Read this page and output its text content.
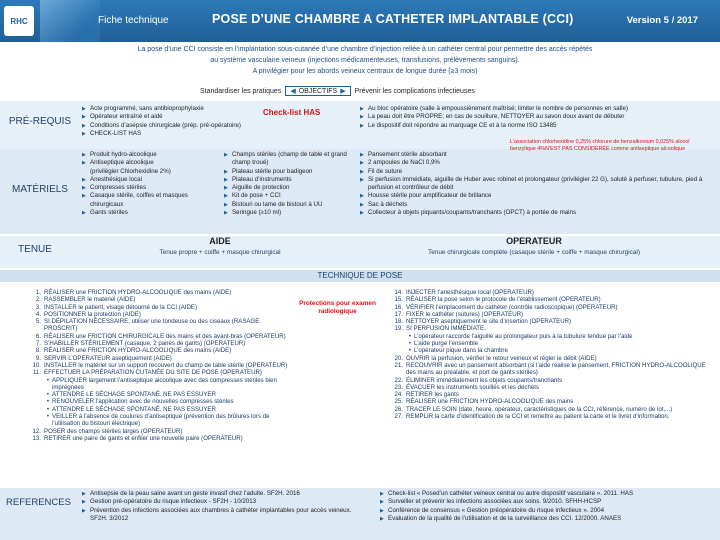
RHC	Fiche technique	POSE D’UNE CHAMBRE A CATHETER IMPLANTABLE (CCI)	Version 5 / 2017
La pose d’une CCI consiste en l’implantation sous-cutanée d’une chambre d’injection reliée à un cathéter central pour permettre des accès répétés
au système vasculaire veineux (injections médicamenteuses, transfusions, prélèvements sanguins).
A privilégier pour les abords veineux centraux de longue durée (≥3 mois)
Standardiser les pratiques ◀ OBJECTIFS ▶ Prévenir les complications infectieuses
PRÉ-REQUIS
▶ Acte programmé, sans antibioprophylaxie
▶ Opérateur entraîné et aidé
▶ Conditions d’asepsie chirurgicale (prép. pré-opératoire)
▶ CHECK-LIST HAS
Check-list HAS
▶	Au bloc opératoire (salle à empoussièrement maîtrisé; limiter le nombre de personnes en salle)
▶ La peau doit être PROPRE; en cas de souillure, NETTOYER au savon doux avant de débuter
▶ Le dispositif doit répondre au marquage CE et à la norme ISO 13485
MATÉRIELS
▶ Produit hydro-alcoolique
▶ Antiseptique alcoolique
(privilégier Chlorhexidine 2%)
▶ Anesthésique local
▶ Compresses stériles
▶ Casaque stérile, coiffes et masques chirurgicaux
▶ Gants stériles
▶ Champs stériles (champ de table et grand champ troué)
▶ Plateau stérile pour badigeon
▶ Plateau d’instruments
▶ Aiguille de protection
▶ Kit de pose + CCI
▶ Bistouri ou lame de bistouri à UU
▶ Seringue (≥10 ml)
▶ Pansement stérile absorbant
▶ 2 ampoules de NaCl 0,9%
▶ Fil de suture
▶ Si perfusion immédiate, aiguille de Huber avec robinet et prolongateur (privilégier 22 G), soluté à perfuser, tubulure, pied à perfusion et contrôleur de débit
▶ Housse stérile pour amplificateur de brillance
▶ Sac à déchets
▶ Collecteur à objets piquants/coupants/tranchants (OPCT) à portée de mains
L’association chlorhexidine 0,25% chlorure de benzalkonium 0,025% alcool benzylique 4%N’EST PAS CONSIDÉRÉE comme antiseptique alcoolique
TENUE
AIDE
Tenue propre + coiffe + masque chirurgical
OPERATEUR
Tenue chirurgicale complète (casaque stérile + coiffe + masque chirurgical)
TECHNIQUE DE POSE
1. RÉALISER une FRICTION HYDRO-ALCOOLIQUE des mains (AIDE)
2. RASSEMBLER le matériel (AIDE)
3. INSTALLER le patient, visage détourné de la CCI (AIDE)
4. POSITIONNER la protection (AIDE)
5. SI DÉPILATION NÉCESSAIRE, utiliser une tondeuse ou des ciseaux (RASAGE PROSCRIT)
6. RÉALISER une FRICTION CHIRURGICALE des mains et des avant-bras (OPERATEUR)
7. S’HABILLER STÉRILEMENT (casaque, 2 paires de gants) (OPERATEUR)
8. RÉALISER une FRICTION HYDRO-ALCOOLIQUE des mains (AIDE)
9. SERVIR L’OPERATEUR aseptiquement (AIDE)
10. INSTALLER le matériel sur un support recouvert du champ de table stérile (OPERATEUR)
11. EFFECTUER LA PRÉPARATION CUTANÉE DU SITE DE POSE (OPERATEUR)
•
APPLIQUER largement l’antiseptique alcoolique avec des compresses stériles bien imprégnées
•
ATTENDRE LE SÉCHAGE SPONTANÉ. NE PAS ESSUYER
•
RENOUVELER l’application avec de nouvelles compresses stériles
•
ATTENDRE LE SÉCHAGE SPONTANÉ. NE PAS ESSUYER
•
VEILLER à l’absence de coulures d’antiseptique (prévention des brûlures lors de l’utilisation du bistouri électrique)
12. POSER des champs stériles larges (OPERATEUR)
13. RETIRER une paire de gants et enfiler une nouvelle paire (OPERATEUR)
Protections pour examen radiologique
14. INJECTER l’anesthésique local (OPERATEUR)
15. RÉALISER la pose selon le protocole de l’établissement (OPERATEUR)
16. VÉRIFIER l’emplacement du cathéter (contrôle radioscopique) (OPERATEUR)
17. FIXER le cathéter (sutures) (OPERATEUR)
18. NETTOYER aseptiquement le site d’insertion (OPERATEUR)
19. SI PERFUSION IMMÉDIATE,
•
L’opérateur raccorde l’aiguille au prolongateur puis à la tubulure tendue par l’aide
•
L’aide purge l’ensemble
•
L’opérateur pique dans la chambre
20. OUVRIR la perfusion, vérifier le retour veineux et régler le débit (AIDE)
21. RECOUVRIR avec un pansement absorbant (si l’aide réalise le pansement, FRICTION HYDRO-ALCOOLIQUE des mains au préalable, et port de gants stériles)
22. ÉLIMINER immédiatement les objets coupants/tranchants
23. ÉVACUER les instruments souillés et les déchets
24. RETIRER les gants
25. RÉALISER une FRICTION HYDRO-ALCOOLIQUE des mains
26. TRACER LE SOIN (date, heure, opérateur, caractéristiques de la CCI, référence, numéro de lot,...)
27. REMPLIR la carte d’identification de la CCI et remettre au patient la carte et le livret d’information.
REFERENCES
▶ Antisepsie de la peau saine avant un geste invasif chez l’adulte. SF2H. 2016
▶ Gestion pré-opératoire du risque infectieux - SF2H - 10/2013
▶ Prévention des infections associées aux chambres à cathéter implantables pour accès veineux. SF2H. 3/2012
▶ Check-list « Posed’un cathéter veineux central ou autre dispositif vasculaire ». 2011. HAS
▶ Surveiller et prévenir les infections associées aux soins. 9/2010. SFHH-HCSP
▶ Conférence de consensus « Gestion préopératoire du risque infectieux ». 2004
▶ Evaluation de la qualité de l’utilisation et de la surveillance des CCI. 12/2000. ANAES
